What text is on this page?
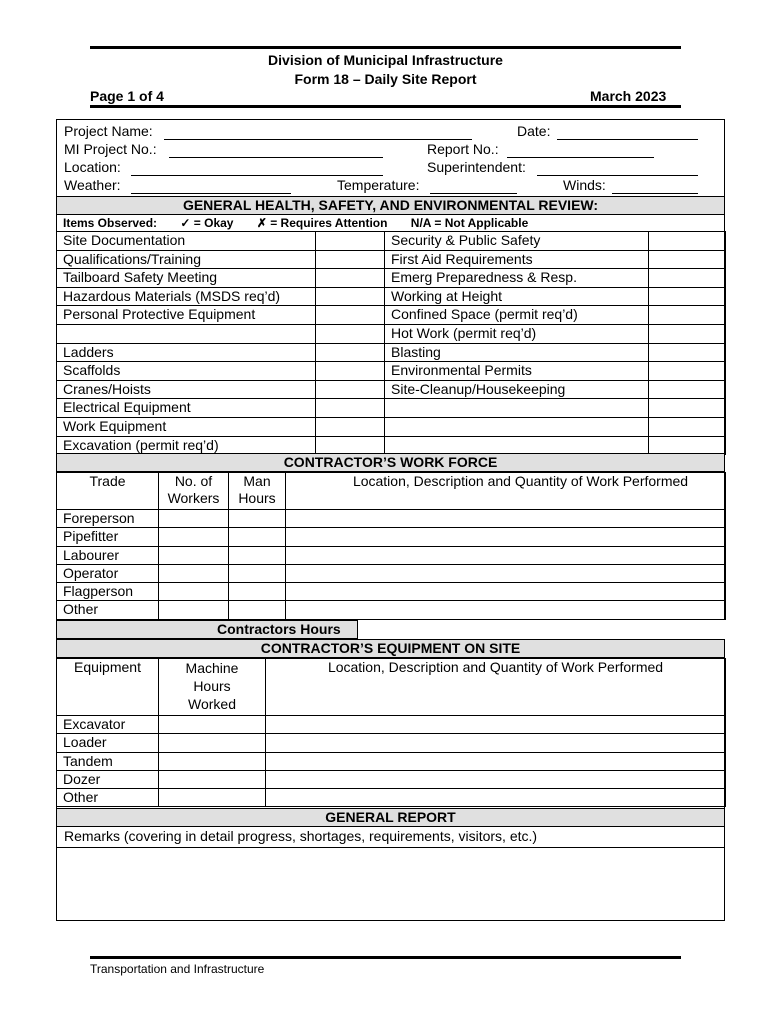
Division of Municipal Infrastructure
Form 18 – Daily Site Report
Page 1 of 4	March 2023
Project Name:	Date:
MI Project No.:	Report No.:
Location:	Superintendent:
Weather:	Temperature:	Winds:
GENERAL HEALTH, SAFETY, AND ENVIRONMENTAL REVIEW:
Items Observed: ✓ = Okay ✗ = Requires Attention N/A = Not Applicable
Site Documentation		Security & Public Safety	
Qualifications/Training		First Aid Requirements	
Tailboard Safety Meeting		Emerg Preparedness & Resp.	
Hazardous Materials (MSDS req’d)		Working at Height	
Personal Protective Equipment		Confined Space (permit req’d)	
		Hot Work (permit req’d)	
Ladders		Blasting	
Scaffolds		Environmental Permits	
Cranes/Hoists		Site-Cleanup/Housekeeping	
Electrical Equipment			
Work Equipment			
Excavation (permit req’d)			
CONTRACTOR’S WORK FORCE
Trade	No. of Workers	Man Hours	Location, Description and Quantity of Work Performed
Foreperson			
Pipefitter			
Labourer			
Operator			
Flagperson			
Other			
Contractors Hours
CONTRACTOR’S EQUIPMENT ON SITE
Equipment	Machine Hours Worked	Location, Description and Quantity of Work Performed
Excavator		
Loader		
Tandem		
Dozer		
Other		
GENERAL REPORT
Remarks (covering in detail progress, shortages, requirements, visitors, etc.)
Transportation and Infrastructure
